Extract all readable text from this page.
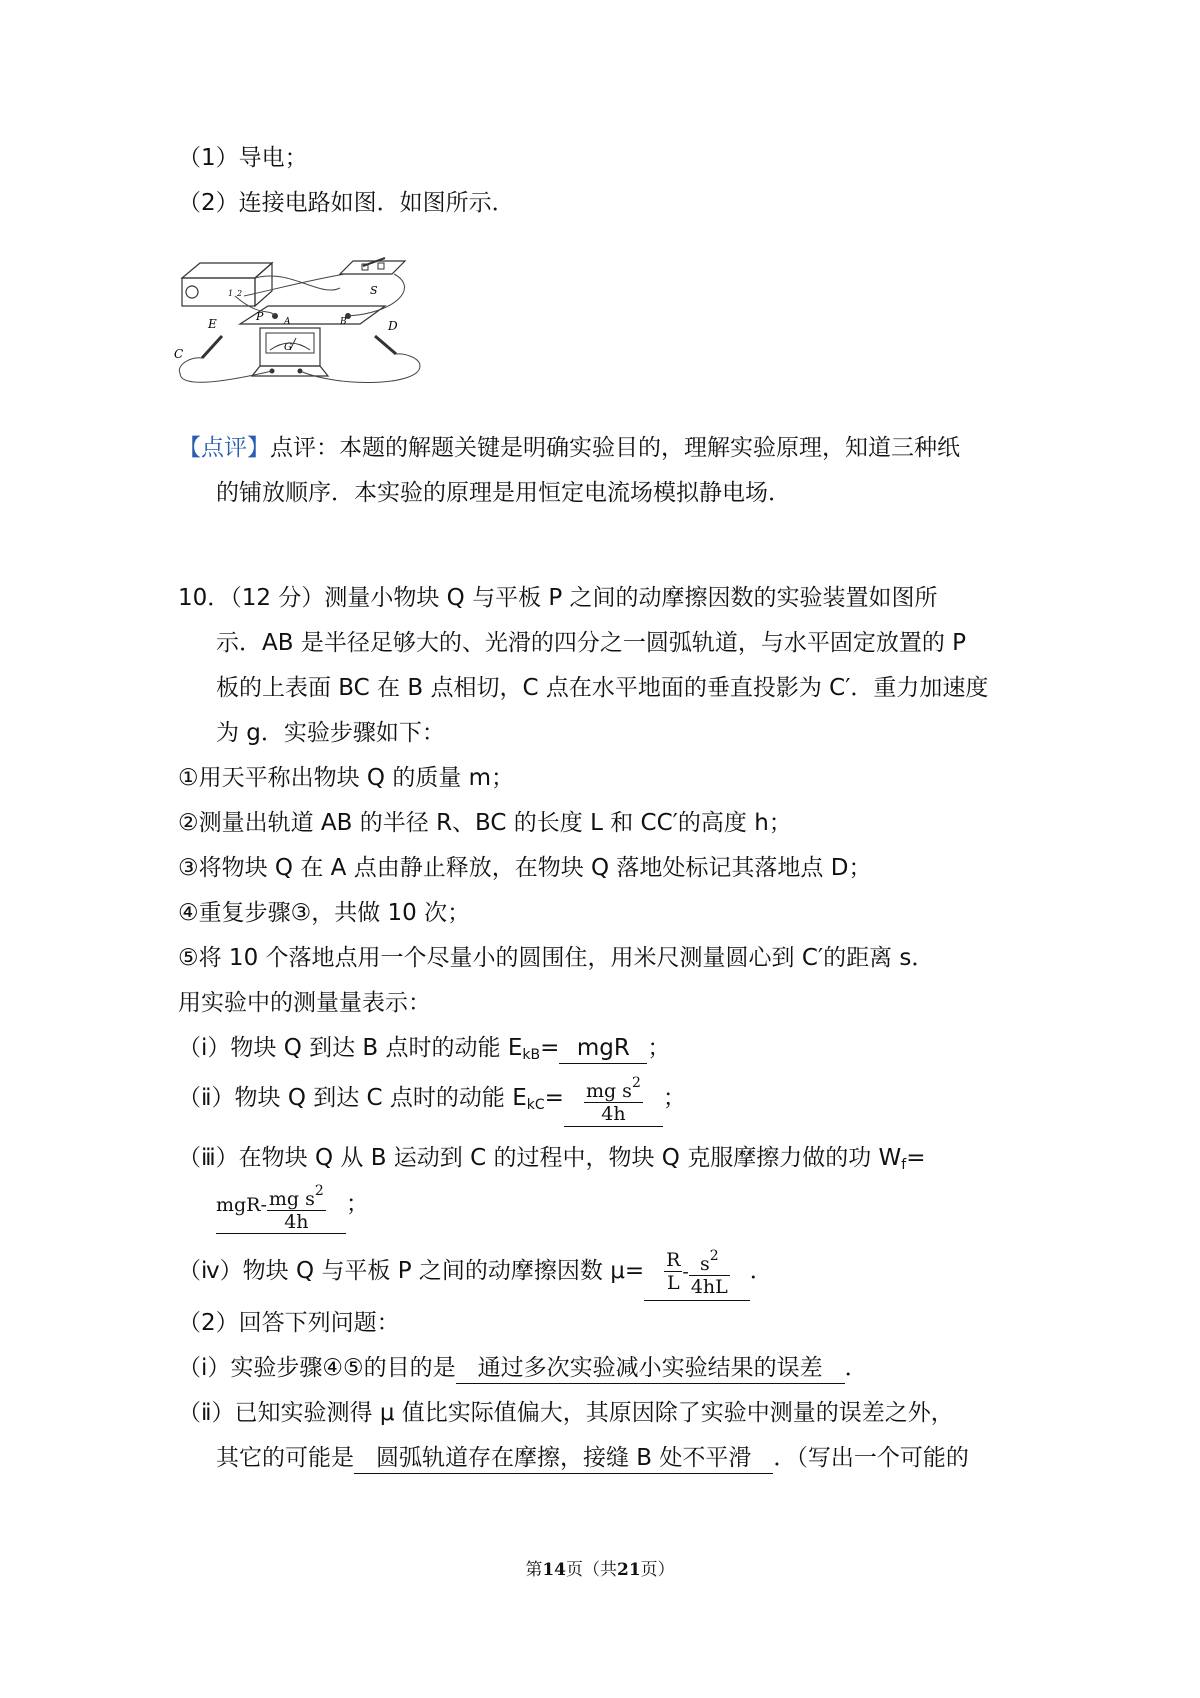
（1）导电；
（2）连接电路如图．如图所示．
1 2	S
P A	B
E
C
D
G
【点评】点评：本题的解题关键是明确实验目的，理解实验原理，知道三种纸
的铺放顺序．本实验的原理是用恒定电流场模拟静电场．
10．（12 分）测量小物块 Q 与平板 P 之间的动摩擦因数的实验装置如图所
示．AB 是半径足够大的、光滑的四分之一圆弧轨道，与水平固定放置的 P
板的上表面 BC 在 B 点相切，C 点在水平地面的垂直投影为 C′．重力加速度
为 g．实验步骤如下：
①用天平称出物块 Q 的质量 m；
②测量出轨道 AB 的半径 R、BC 的长度 L 和 CC′的高度 h；
③将物块 Q 在 A 点由静止释放，在物块 Q 落地处标记其落地点 D；
④重复步骤③，共做 10 次；
⑤将 10 个落地点用一个尽量小的圆围住，用米尺测量圆心到 C′的距离 s．
用实验中的测量量表示：
（ⅰ）物块 Q 到达 B 点时的动能 $E_{kB}=$ mgR ；
（ⅱ）物块 Q 到达 C 点时的动能 $E_{kC}= \frac{mg s^2}{4h}$ ；
（ⅲ）在物块 Q 从 B 运动到 C 的过程中，物块 Q 克服摩擦力做的功 $W_f=$
$mgR- \frac{mg s^2}{4h}$ ；
（ⅳ）物块 Q 与平板 P 之间的动摩擦因数 $\mu= \frac{R}{L} - \frac{s^2}{4hL}$ ．
（2）回答下列问题：
（ⅰ）实验步骤④⑤的目的是 通过多次实验减小实验结果的误差 ．
（ⅱ）已知实验测得 μ 值比实际值偏大，其原因除了实验中测量的误差之外，
其它的可能是 圆弧轨道存在摩擦，接缝 B 处不平滑 ．（写出一个可能的
第14页（共21页）
